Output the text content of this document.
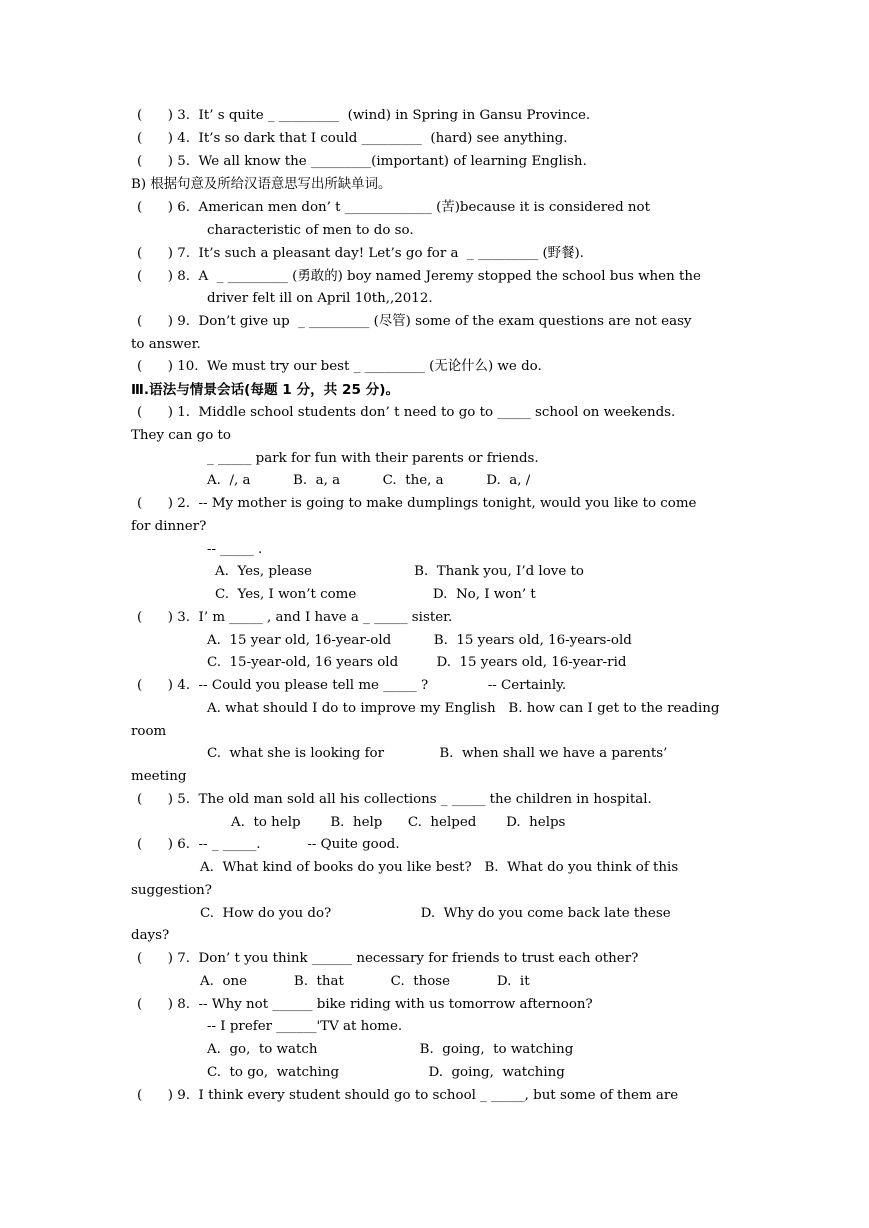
(      ) 3.  It’ s quite _ _________  (wind) in Spring in Gansu Province.
(      ) 4.  It’s so dark that I could _________  (hard) see anything.
(      ) 5.  We all know the _________(important) of learning English.
B) 根据句意及所给汉语意思写出所缺单词。
(      ) 6.  American men don’ t _____________ (苦)because it is considered not
characteristic of men to do so.
(      ) 7.  It’s such a pleasant day! Let’s go for a  _ _________ (野餐).
(      ) 8.  A  _ _________ (勇敢的) boy named Jeremy stopped the school bus when the
driver felt ill on April 10th,,2012.
(      ) 9.  Don’t give up  _ _________ (尽管) some of the exam questions are not easy
to answer.
(      ) 10.  We must try our best _ _________ (无论什么) we do.
Ⅲ.语法与情景会话(每题 1 分，共 25 分)。
(      ) 1.  Middle school students don’ t need to go to _____ school on weekends.
They can go to
_ _____ park for fun with their parents or friends.
A.  /, a          B.  a, a          C.  the, a          D.  a, /
(      ) 2.  -- My mother is going to make dumplings tonight, would you like to come
for dinner?
-- _____ .
A.  Yes, please                        B.  Thank you, I’d love to
C.  Yes, I won’t come                  D.  No, I won’ t
(      ) 3.  I’ m _____ , and I have a _ _____ sister.
A.  15 year old, 16-year-old          B.  15 years old, 16-years-old
C.  15-year-old, 16 years old         D.  15 years old, 16-year-rid
(      ) 4.  -- Could you please tell me _____ ?              -- Certainly.
A. what should I do to improve my English   B. how can I get to the reading
room
C.  what she is looking for             B.  when shall we have a parents’
meeting
(      ) 5.  The old man sold all his collections _ _____ the children in hospital.
A.  to help       B.  help      C.  helped       D.  helps
(      ) 6.  -- _ _____.           -- Quite good.
A.  What kind of books do you like best?   B.  What do you think of this
suggestion?
C.  How do you do?                     D.  Why do you come back late these
days?
(      ) 7.  Don’ t you think ______ necessary for friends to trust each other?
A.  one           B.  that           C.  those           D.  it
(      ) 8.  -- Why not ______ bike riding with us tomorrow afternoon?
-- I prefer ______'TV at home.
A.  go,  to watch                        B.  going,  to watching
C.  to go,  watching                     D.  going,  watching
(      ) 9.  I think every student should go to school _ _____, but some of them are
